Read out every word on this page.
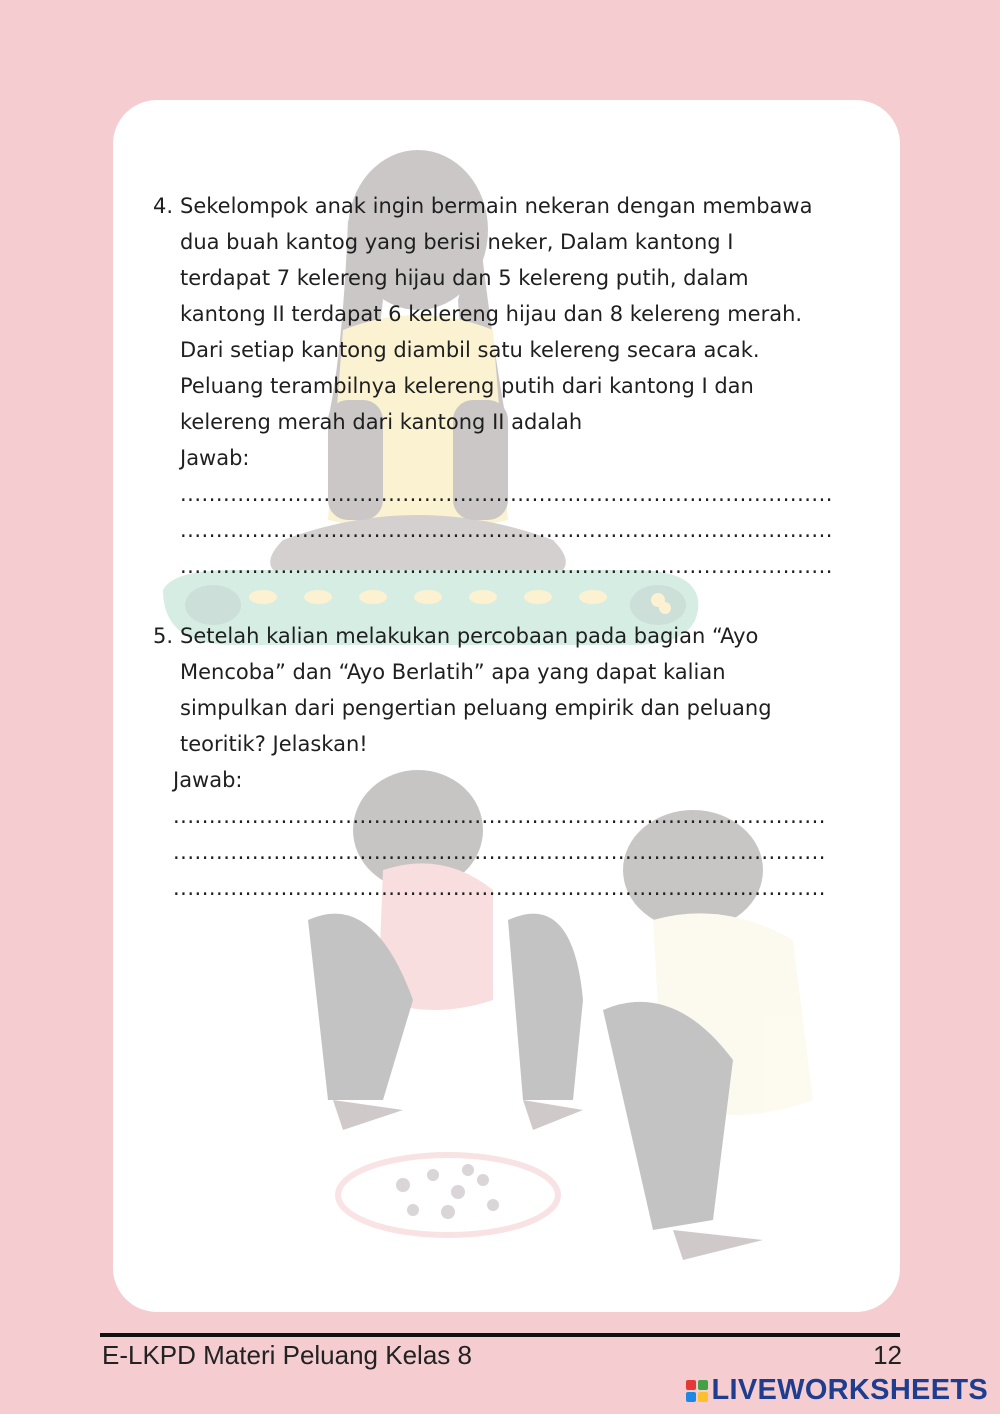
4. Sekelompok anak ingin bermain nekeran dengan membawa
dua buah kantog yang berisi neker, Dalam kantong I
terdapat 7 kelereng hijau dan 5 kelereng putih, dalam
kantong II terdapat 6 kelereng hijau dan 8 kelereng merah.
Dari setiap kantong diambil satu kelereng secara acak.
Peluang terambilnya kelereng putih dari kantong I dan
kelereng merah dari kantong II adalah
Jawab:
...........................................................................................
...........................................................................................
...........................................................................................
5. Setelah kalian melakukan percobaan pada bagian “Ayo
Mencoba” dan “Ayo Berlatih” apa yang dapat kalian
simpulkan dari pengertian peluang empirik dan peluang
teoritik? Jelaskan!
Jawab:
...........................................................................................
...........................................................................................
...........................................................................................
E-LKPD Materi Peluang Kelas 8	12
LIVEWORKSHEETS
